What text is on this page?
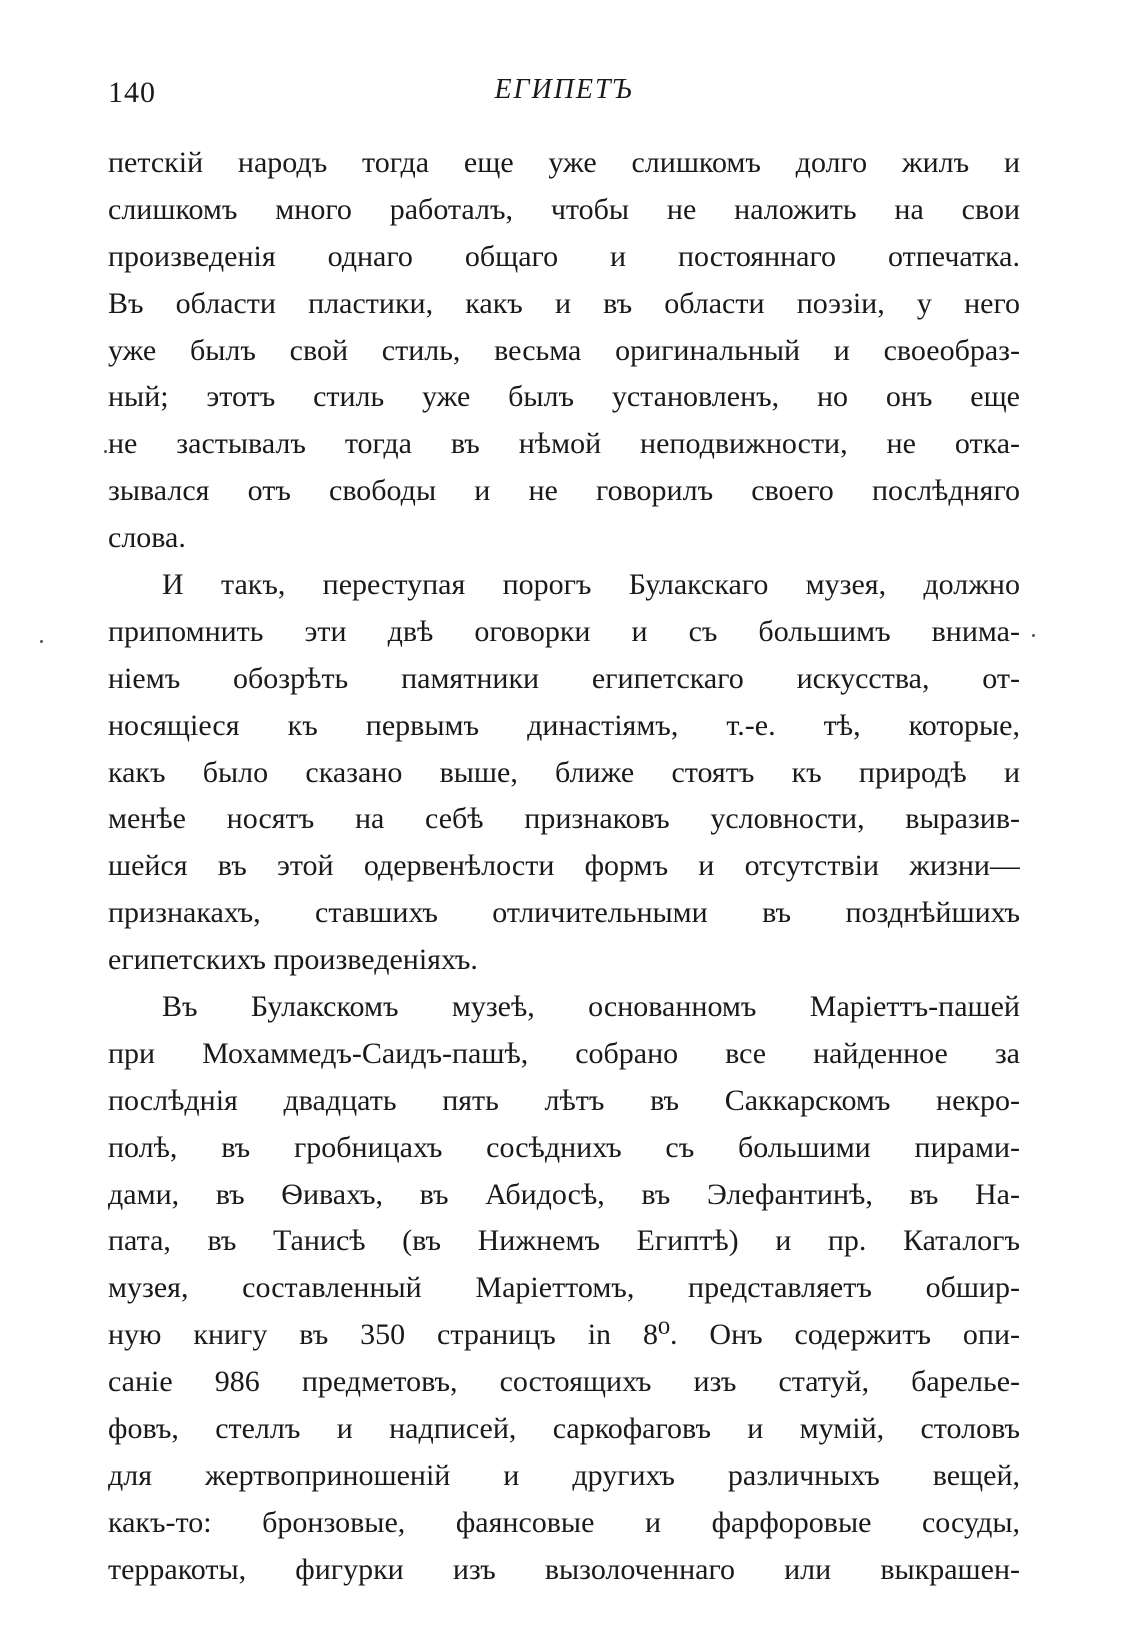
140	ЕГИПЕТЪ
петскій народъ тогда еще уже слишкомъ долго жилъ и
слишкомъ много работалъ, чтобы не наложить на свои
произведенія однаго общаго и постояннаго отпечатка.
Въ области пластики, какъ и въ области поэзіи, у него
уже былъ свой стиль, весьма оригинальный и своеобраз-
ный; этотъ стиль уже былъ установленъ, но онъ еще
не застывалъ тогда въ нѣмой неподвижности, не отка-
зывался отъ свободы и не говорилъ своего послѣдняго
слова.
И такъ, переступая порогъ Булакскаго музея, должно
припомнить эти двѣ оговорки и съ большимъ внима-
ніемъ обозрѣть памятники египетскаго искусства, от-
носящіеся къ первымъ династіямъ, т.-е. тѣ, которые,
какъ было сказано выше, ближе стоятъ къ природѣ и
менѣе носятъ на себѣ признаковъ условности, выразив-
шейся въ этой одервенѣлости формъ и отсутствіи жизни—
признакахъ, ставшихъ отличительными въ позднѣйшихъ
египетскихъ произведеніяхъ.
Въ Булакскомъ музеѣ, основанномъ Маріеттъ-пашей
при Мохаммедъ-Саидъ-пашѣ, собрано все найденное за
послѣднія двадцать пять лѣтъ въ Саккарскомъ некро-
полѣ, въ гробницахъ сосѣднихъ съ большими пирами-
дами, въ Ѳивахъ, въ Абидосѣ, въ Элефантинѣ, въ На-
пата, въ Танисѣ (въ Нижнемъ Египтѣ) и пр. Каталогъ
музея, составленный Маріеттомъ, представляетъ обшир-
ную книгу въ 350 страницъ in 8⁰. Онъ содержитъ опи-
саніе 986 предметовъ, состоящихъ изъ статуй, барелье-
фовъ, стеллъ и надписей, саркофаговъ и мумій, столовъ
для жертвоприношеній и другихъ различныхъ вещей,
какъ-то: бронзовые, фаянсовые и фарфоровые сосуды,
терракоты, фигурки изъ вызолоченнаго или выкрашен-
